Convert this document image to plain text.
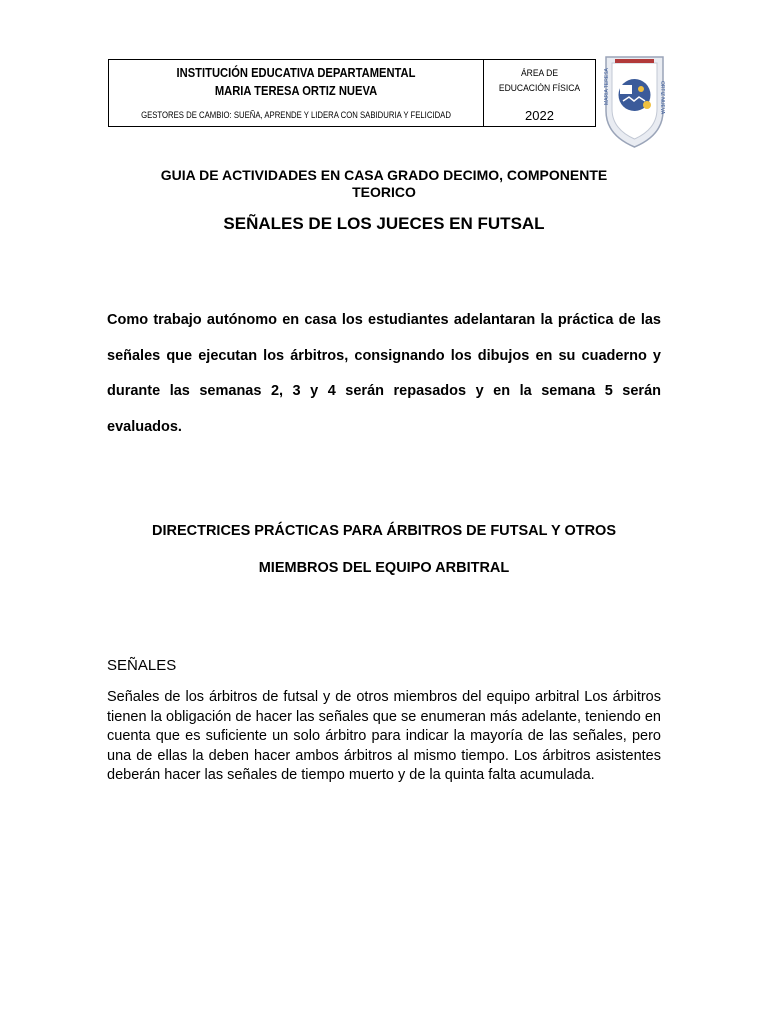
INSTITUCIÓN EDUCATIVA DEPARTAMENTAL
MARIA TERESA ORTIZ NUEVA
GESTORES DE CAMBIO: SUEÑA, APRENDE Y LIDERA CON SABIDURIA Y FELICIDAD
ÁREA DE
EDUCACIÓN FÍSICA
2022
MARIA TERESA	ORTIZ NUEVA
GUIA DE ACTIVIDADES EN CASA GRADO DECIMO, COMPONENTE TEORICO
SEÑALES DE LOS JUECES EN FUTSAL
Como trabajo autónomo en casa los estudiantes adelantaran la práctica de las señales que ejecutan los árbitros, consignando los dibujos en su cuaderno y durante las semanas 2, 3 y 4 serán repasados y en la semana 5 serán evaluados.
DIRECTRICES PRÁCTICAS PARA ÁRBITROS DE FUTSAL Y OTROS
MIEMBROS DEL EQUIPO ARBITRAL
SEÑALES
Señales de los árbitros de futsal y de otros miembros del equipo arbitral Los árbitros tienen la obligación de hacer las señales que se enumeran más adelante, teniendo en cuenta que es suficiente un solo árbitro para indicar la mayoría de las señales, pero una de ellas la deben hacer ambos árbitros al mismo tiempo. Los árbitros asistentes deberán hacer las señales de tiempo muerto y de la quinta falta acumulada.
